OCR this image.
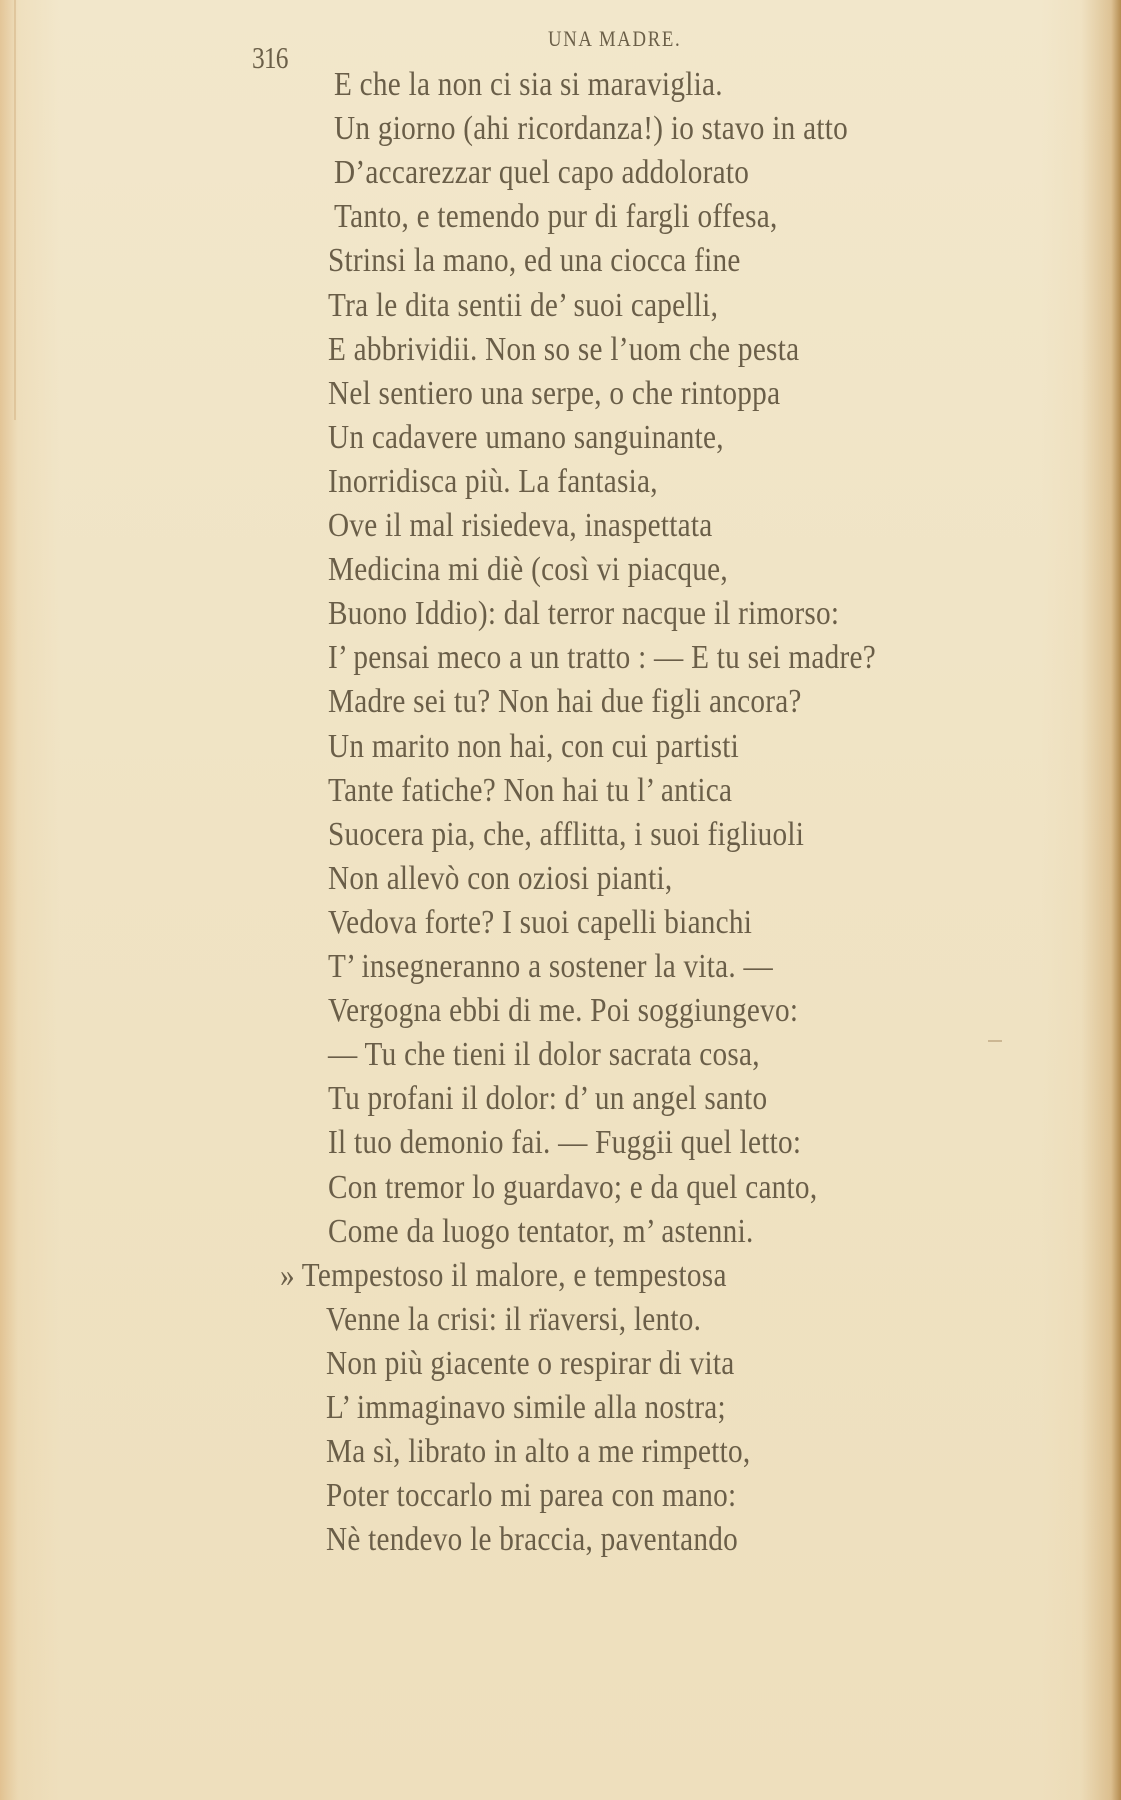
316
UNA MADRE.
E che la non ci sia si maraviglia.
Un giorno (ahi ricordanza!) io stavo in atto
D’accarezzar quel capo addolorato
Tanto, e temendo pur di fargli offesa,
Strinsi la mano, ed una ciocca fine
Tra le dita sentii de’ suoi capelli,
E abbrividii. Non so se l’uom che pesta
Nel sentiero una serpe, o che rintoppa
Un cadavere umano sanguinante,
Inorridisca più. La fantasia,
Ove il mal risiedeva, inaspettata
Medicina mi diè (così vi piacque,
Buono Iddio): dal terror nacque il rimorso:
I’ pensai meco a un tratto : — E tu sei madre?
Madre sei tu? Non hai due figli ancora?
Un marito non hai, con cui partisti
Tante fatiche? Non hai tu l’ antica
Suocera pia, che, afflitta, i suoi figliuoli
Non allevò con oziosi pianti,
Vedova forte? I suoi capelli bianchi
T’ insegneranno a sostener la vita. —
Vergogna ebbi di me. Poi soggiungevo:
— Tu che tieni il dolor sacrata cosa,
Tu profani il dolor: d’ un angel santo
Il tuo demonio fai. — Fuggii quel letto:
Con tremor lo guardavo; e da quel canto,
Come da luogo tentator, m’ astenni.
» Tempestoso il malore, e tempestosa
Venne la crisi: il rïaversi, lento.
Non più giacente o respirar di vita
L’ immaginavo simile alla nostra;
Ma sì, librato in alto a me rimpetto,
Poter toccarlo mi parea con mano:
Nè tendevo le braccia, paventando
